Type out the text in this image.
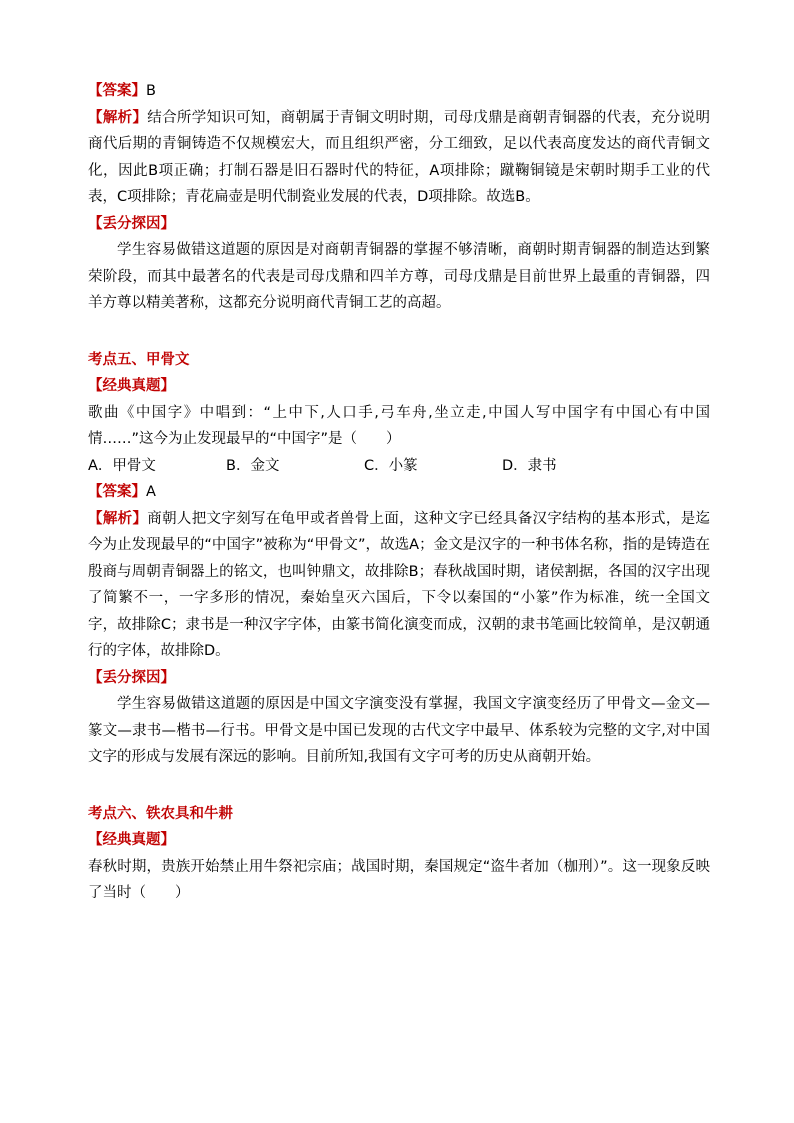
【答案】B

【解析】结合所学知识可知，商朝属于青铜文明时期，司母戊鼎是商朝青铜器的代表，充分说明商代后期的青铜铸造不仅规模宏大，而且组织严密，分工细致，足以代表高度发达的商代青铜文化，因此B项正确；打制石器是旧石器时代的特征，A项排除；蹴鞠铜镜是宋朝时期手工业的代表，C项排除；青花扁壶是明代制瓷业发展的代表，D项排除。故选B。

【丢分探因】

学生容易做错这道题的原因是对商朝青铜器的掌握不够清晰，商朝时期青铜器的制造达到繁荣阶段，而其中最著名的代表是司母戊鼎和四羊方尊，司母戊鼎是目前世界上最重的青铜器，四羊方尊以精美著称，这都充分说明商代青铜工艺的高超。

考点五、甲骨文

【经典真题】

歌曲《中国字》中唱到：“上中下,人口手,弓车舟,坐立走,中国人写中国字有中国心有中国情……”这今为止发现最早的“中国字”是（　　）

A．甲骨文	B．金文	C．小篆	D．隶书

【答案】A

【解析】商朝人把文字刻写在龟甲或者兽骨上面，这种文字已经具备汉字结构的基本形式，是迄今为止发现最早的“中国字”被称为“甲骨文”，故选A；金文是汉字的一种书体名称，指的是铸造在殷商与周朝青铜器上的铭文，也叫钟鼎文，故排除B；春秋战国时期，诸侯割据，各国的汉字出现了简繁不一，一字多形的情况，秦始皇灭六国后，下令以秦国的“小篆”作为标准，统一全国文字，故排除C；隶书是一种汉字字体，由篆书简化演变而成，汉朝的隶书笔画比较简单，是汉朝通行的字体，故排除D。

【丢分探因】

学生容易做错这道题的原因是中国文字演变没有掌握，我国文字演变经历了甲骨文—金文—篆文—隶书—楷书—行书。甲骨文是中国已发现的古代文字中最早、体系较为完整的文字,对中国文字的形成与发展有深远的影响。目前所知,我国有文字可考的历史从商朝开始。

考点六、铁农具和牛耕

【经典真题】

春秋时期，贵族开始禁止用牛祭祀宗庙；战国时期，秦国规定“盗牛者加（枷刑）”。这一现象反映了当时（　　）
